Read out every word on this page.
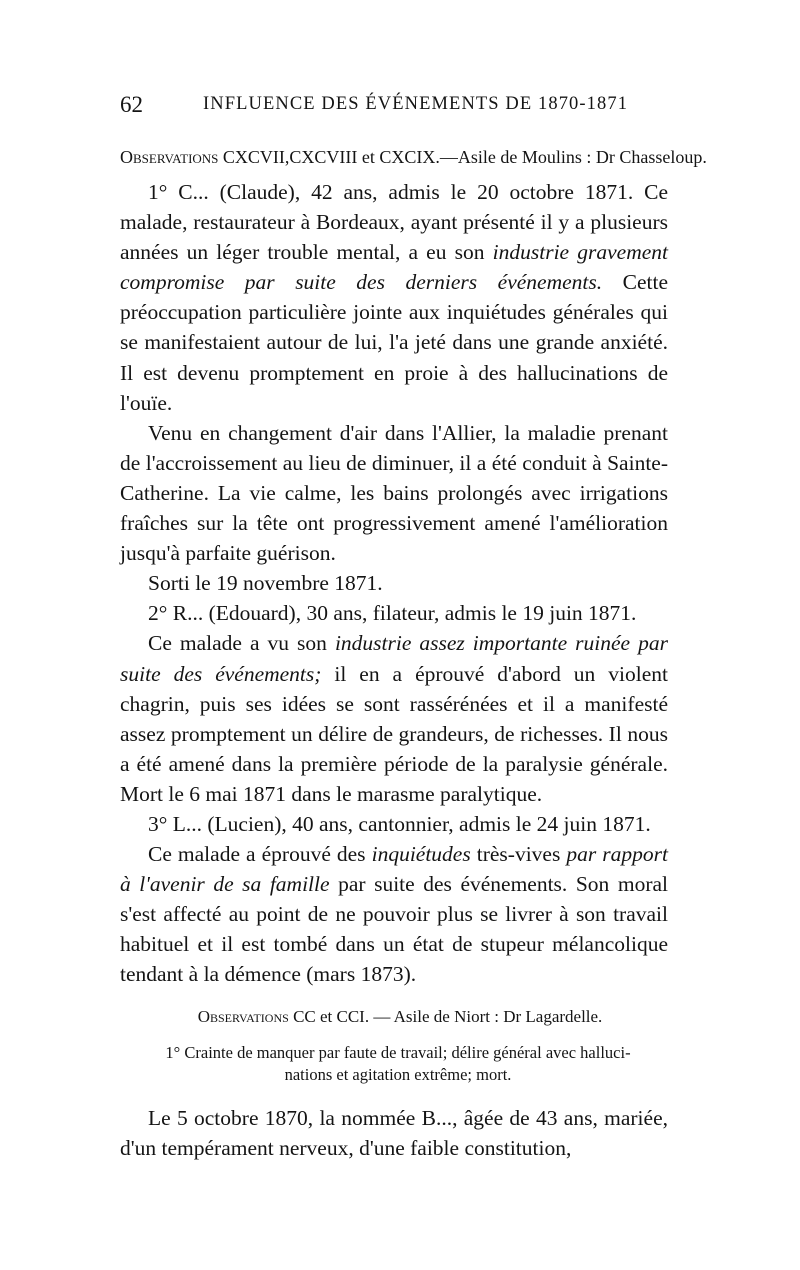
62	INFLUENCE DES ÉVÉNEMENTS DE 1870-1871
Observations CXCVII,CXCVIII et CXCIX.—Asile de Moulins : Dr Chasseloup.

1° C... (Claude), 42 ans, admis le 20 octobre 1871. Ce malade, restaurateur à Bordeaux, ayant présenté il y a plusieurs années un léger trouble mental, a eu son industrie gravement compromise par suite des derniers événements. Cette préoccupation particulière jointe aux inquiétudes générales qui se manifestaient autour de lui, l'a jeté dans une grande anxiété. Il est devenu promptement en proie à des hallucinations de l'ouïe.

Venu en changement d'air dans l'Allier, la maladie prenant de l'accroissement au lieu de diminuer, il a été conduit à Sainte-Catherine. La vie calme, les bains prolongés avec irrigations fraîches sur la tête ont progressivement amené l'amélioration jusqu'à parfaite guérison.

Sorti le 19 novembre 1871.

2° R... (Edouard), 30 ans, filateur, admis le 19 juin 1871.

Ce malade a vu son industrie assez importante ruinée par suite des événements; il en a éprouvé d'abord un violent chagrin, puis ses idées se sont rassérénées et il a manifesté assez promptement un délire de grandeurs, de richesses. Il nous a été amené dans la première période de la paralysie générale. Mort le 6 mai 1871 dans le marasme paralytique.

3° L... (Lucien), 40 ans, cantonnier, admis le 24 juin 1871.

Ce malade a éprouvé des inquiétudes très-vives par rapport à l'avenir de sa famille par suite des événements. Son moral s'est affecté au point de ne pouvoir plus se livrer à son travail habituel et il est tombé dans un état de stupeur mélancolique tendant à la démence (mars 1873).

Observations CC et CCI. — Asile de Niort : Dr Lagardelle.

1° Crainte de manquer par faute de travail; délire général avec halluci-

nations et agitation extrême; mort.

Le 5 octobre 1870, la nommée B..., âgée de 43 ans, mariée, d'un tempérament nerveux, d'une faible constitution,
